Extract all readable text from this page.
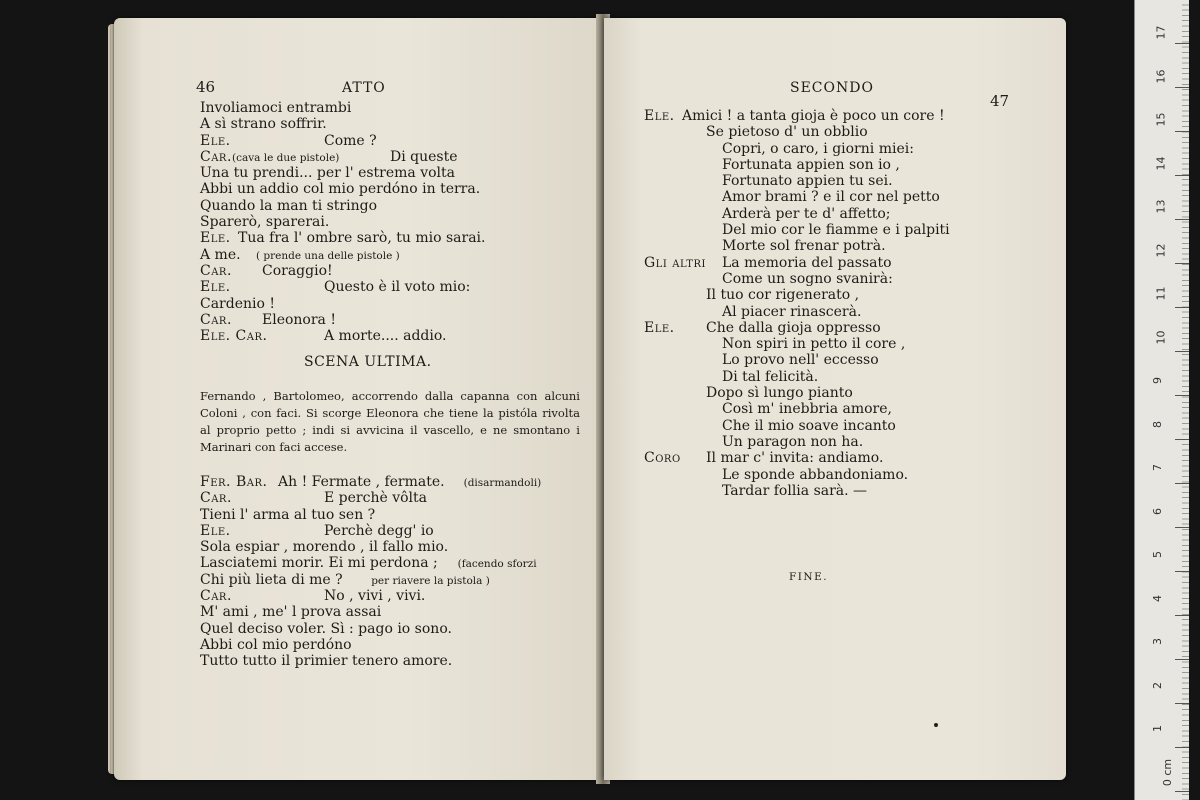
46	ATTO
Involiamoci entrambi
A sì strano soffrir.
Ele.	Come ?
Car. (cava le due pistole)	Di queste
Una tu prendi... per l' estrema volta
Abbi un addio col mio perdóno in terra.
Quando la man ti stringo
Sparerò, sparerai.
Ele. Tua fra l' ombre sarò, tu mio sarai.
A me. ( prende una delle pistole )
Car. Coraggio!
Ele.	Questo è il voto mio:
Cardenio !
Car. Eleonora !
Ele. Car.	A morte.... addio.
SCENA ULTIMA.
Fernando , Bartolomeo, accorrendo dalla capanna con alcuni Coloni , con faci. Si scorge Eleonora che tiene la pistóla rivolta al proprio petto ; indi si avvicina il vascello, e ne smontano i Marinari con faci accese.
Fer. Bar. Ah ! Fermate , fermate. (disarmandoli)
Car.	E perchè vôlta
Tieni l' arma al tuo sen ?
Ele.	Perchè degg' io
Sola espiar , morendo , il fallo mio.
Lasciatemi morir. Ei mi perdona ; (facendo sforzi
Chi più lieta di me ?	per riavere la pistola )
Car.	No , vivi , vivi.
M' ami , me' l prova assai
Quel deciso voler. Sì : pago io sono.
Abbi col mio perdóno
Tutto tutto il primier tenero amore.
SECONDO
47
Ele. Amici ! a tanta gioja è poco un core !
Se pietoso d' un obblio
Copri, o caro, i giorni miei:
Fortunata appien son io ,
Fortunato appien tu sei.
Amor brami ? e il cor nel petto
Arderà per te d' affetto;
Del mio cor le fiamme e i palpiti
Morte sol frenar potrà.
Gli altri La memoria del passato
Come un sogno svanirà:
Il tuo cor rigenerato ,
Al piacer rinascerà.
Ele. Che dalla gioja oppresso
Non spiri in petto il core ,
Lo provo nell' eccesso
Di tal felicità.
Dopo sì lungo pianto
Così m' inebbria amore,
Che il mio soave incanto
Un paragon non ha.
Coro Il mar c' invita: andiamo.
Le sponde abbandoniamo.
Tardar follia sarà. —
FINE.
17
16
15
14
13
12
11
10
9
8
7
6
5
4
3
2
1
0 cm
